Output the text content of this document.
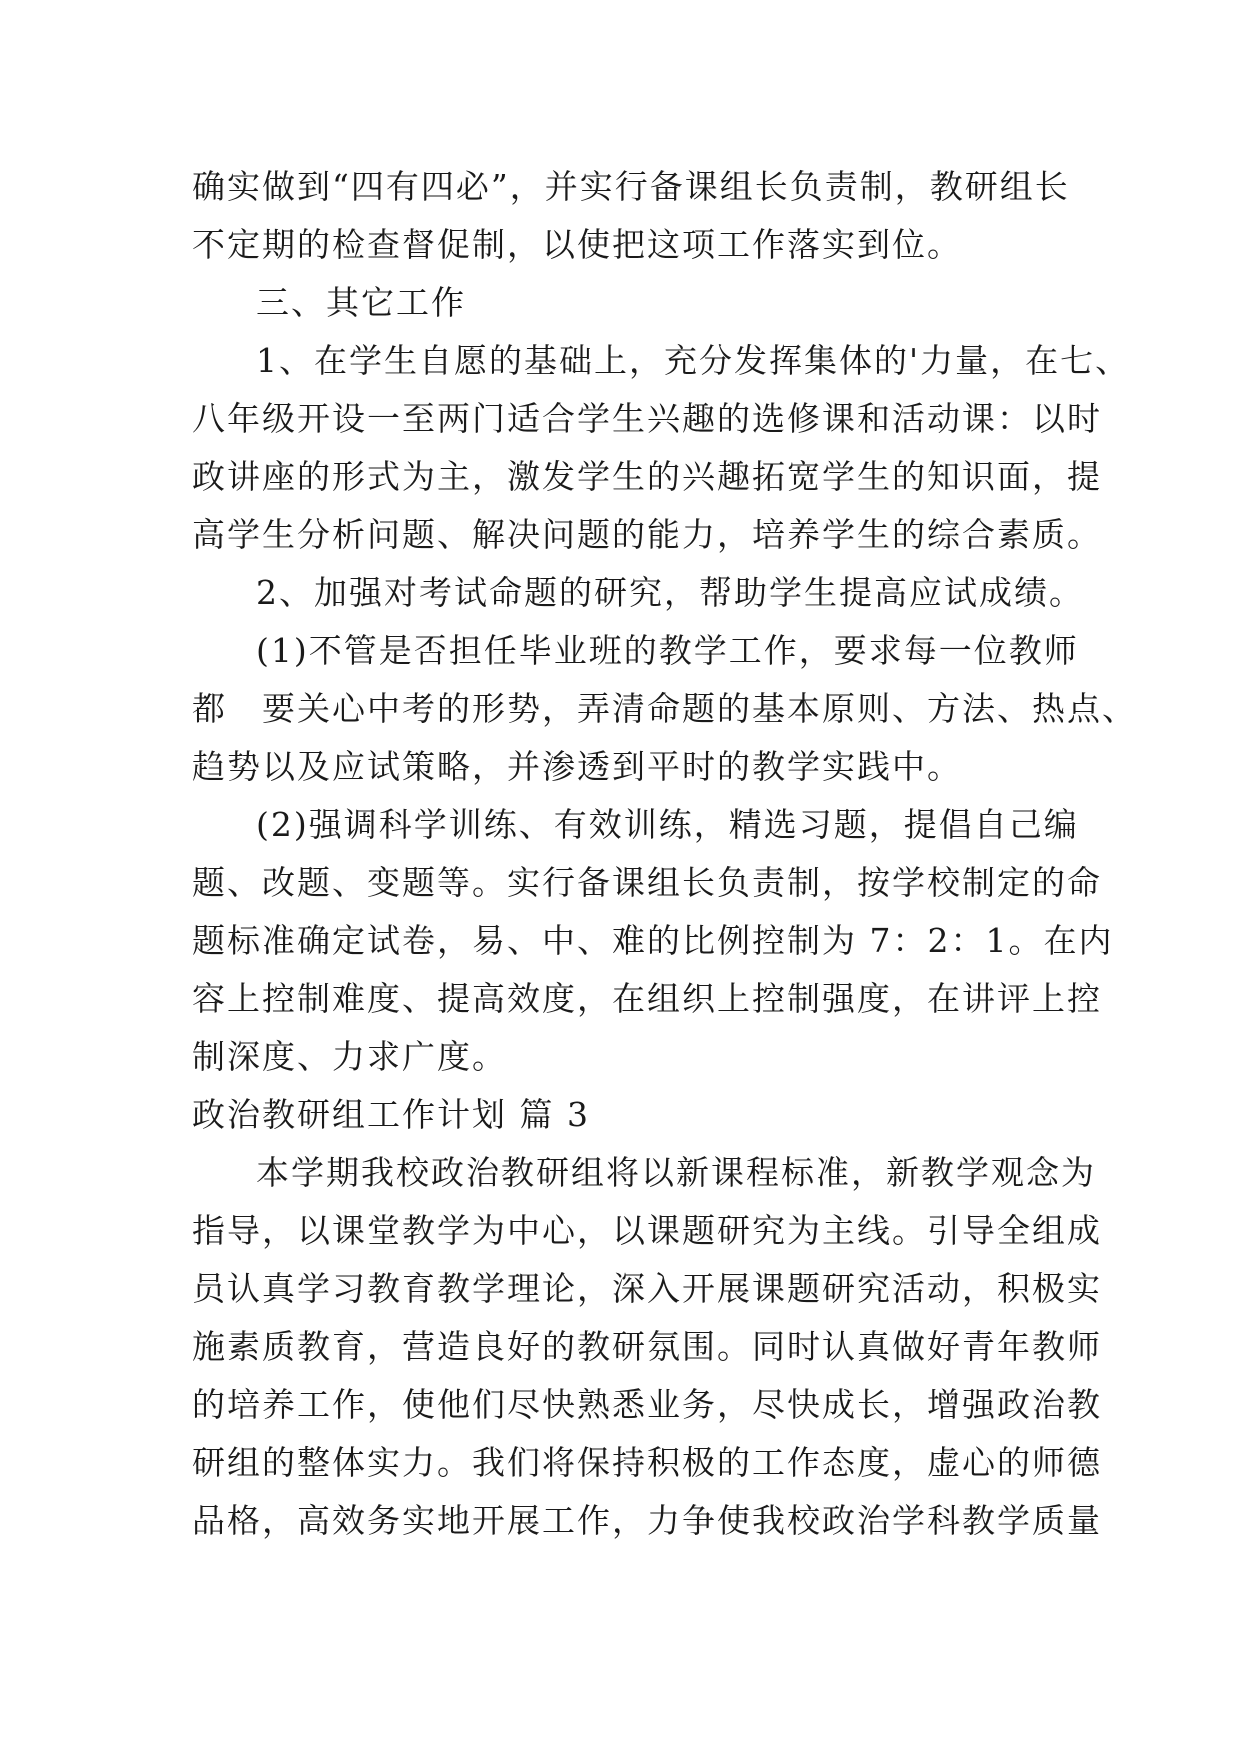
确实做到“四有四必”，并实行备课组长负责制，教研组长
不定期的检查督促制，以使把这项工作落实到位。
三、其它工作
1、在学生自愿的基础上，充分发挥集体的'力量，在七、
八年级开设一至两门适合学生兴趣的选修课和活动课：以时
政讲座的形式为主，激发学生的兴趣拓宽学生的知识面，提
高学生分析问题、解决问题的能力，培养学生的综合素质。
2、加强对考试命题的研究，帮助学生提高应试成绩。
(1)不管是否担任毕业班的教学工作，要求每一位教师
都　要关心中考的形势，弄清命题的基本原则、方法、热点、
趋势以及应试策略，并渗透到平时的教学实践中。
(2)强调科学训练、有效训练，精选习题，提倡自己编
题、改题、变题等。实行备课组长负责制，按学校制定的命
题标准确定试卷，易、中、难的比例控制为 7：2：1。在内
容上控制难度、提高效度，在组织上控制强度，在讲评上控
制深度、力求广度。
政治教研组工作计划 篇 3
本学期我校政治教研组将以新课程标准，新教学观念为
指导，以课堂教学为中心，以课题研究为主线。引导全组成
员认真学习教育教学理论，深入开展课题研究活动，积极实
施素质教育，营造良好的教研氛围。同时认真做好青年教师
的培养工作，使他们尽快熟悉业务，尽快成长，增强政治教
研组的整体实力。我们将保持积极的工作态度，虚心的师德
品格，高效务实地开展工作，力争使我校政治学科教学质量
